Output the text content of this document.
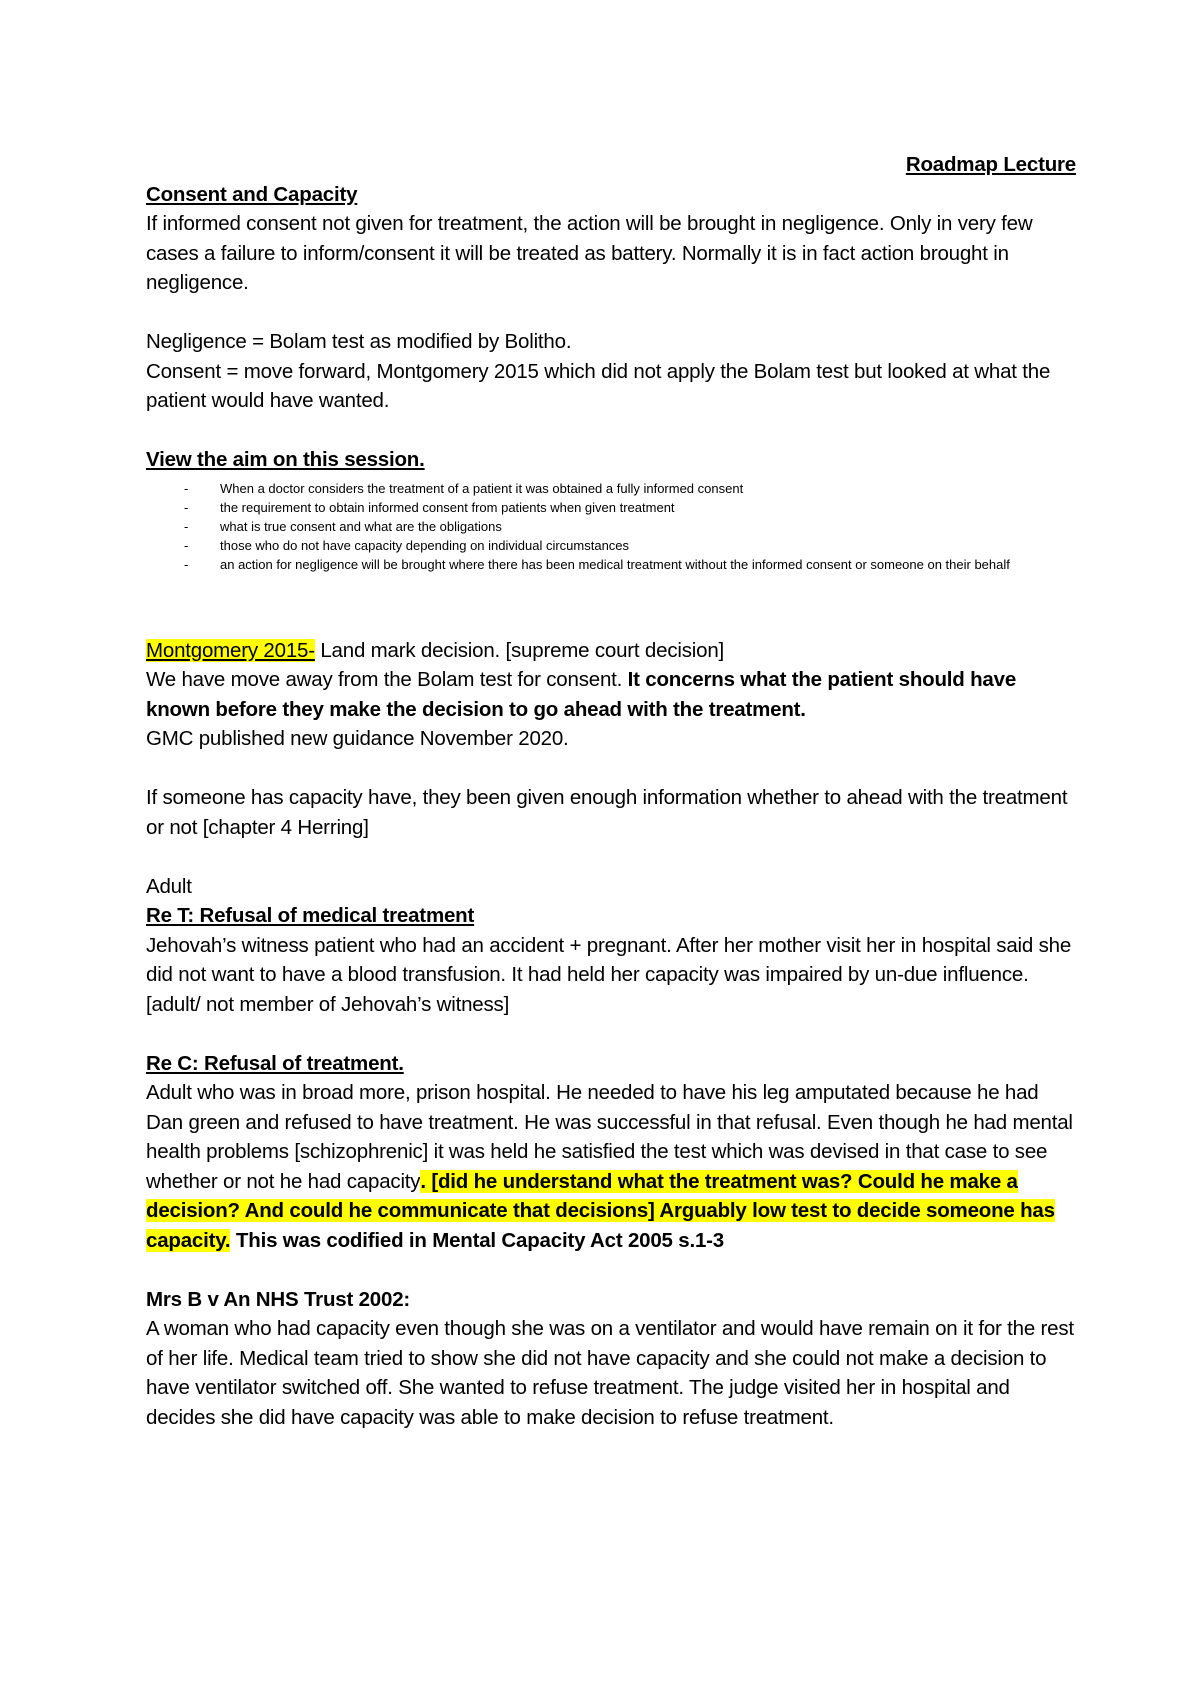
Roadmap Lecture

Consent and Capacity

If informed consent not given for treatment, the action will be brought in negligence. Only in very few cases a failure to inform/consent it will be treated as battery. Normally it is in fact action brought in negligence.

Negligence = Bolam test as modified by Bolitho.

Consent = move forward, Montgomery 2015 which did not apply the Bolam test but looked at what the patient would have wanted.

View the aim on this session.

- When a doctor considers the treatment of a patient it was obtained a fully informed consent
- the requirement to obtain informed consent from patients when given treatment
- what is true consent and what are the obligations
- those who do not have capacity depending on individual circumstances
- an action for negligence will be brought where there has been medical treatment without the informed consent or someone on their behalf

Montgomery 2015- Land mark decision. [supreme court decision]

We have move away from the Bolam test for consent. It concerns what the patient should have known before they make the decision to go ahead with the treatment.

GMC published new guidance November 2020.

If someone has capacity have, they been given enough information whether to ahead with the treatment or not [chapter 4 Herring]

Adult

Re T: Refusal of medical treatment

Jehovah’s witness patient who had an accident + pregnant. After her mother visit her in hospital said she did not want to have a blood transfusion. It had held her capacity was impaired by un-due influence. [adult/ not member of Jehovah’s witness]

Re C: Refusal of treatment.

Adult who was in broad more, prison hospital. He needed to have his leg amputated because he had Dan green and refused to have treatment. He was successful in that refusal. Even though he had mental health problems [schizophrenic] it was held he satisfied the test which was devised in that case to see whether or not he had capacity. [did he understand what the treatment was? Could he make a decision? And could he communicate that decisions] Arguably low test to decide someone has capacity. This was codified in Mental Capacity Act 2005 s.1-3

Mrs B v An NHS Trust 2002:

A woman who had capacity even though she was on a ventilator and would have remain on it for the rest of her life. Medical team tried to show she did not have capacity and she could not make a decision to have ventilator switched off. She wanted to refuse treatment. The judge visited her in hospital and decides she did have capacity was able to make decision to refuse treatment.
